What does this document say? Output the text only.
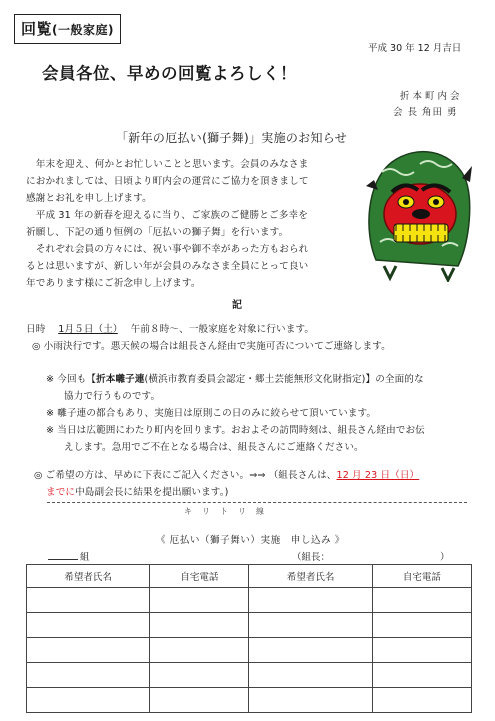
回覧(一般家庭)
平成 30 年 12 月吉日
会員各位、早めの回覧よろしく！
折本町内会
会 長 角田 勇
「新年の厄払い(獅子舞)」実施のお知らせ
　年末を迎え、何かとお忙しいことと思います。会員のみなさま
におかれましては、日頃より町内会の運営にご協力を頂きまして
感謝とお礼を申し上げます。
　平成 31 年の新春を迎えるに当り、ご家族のご健勝とご多幸を
祈願し、下記の通り恒例の「厄払いの獅子舞」を行います。
　それぞれ会員の方々には、祝い事や御不幸があった方もおられ
るとは思いますが、新しい年が会員のみなさま全員にとって良い
年であります様にご祈念申し上げます。
記
日時　 1月５日（土）　 午前８時～、一般家庭を対象に行います。
◎ 小雨決行です。悪天候の場合は組長さん経由で実施可否についてご連絡します。
※ 今回も【折本囃子連(横浜市教育委員会認定・郷土芸能無形文化財指定)】の全面的な
協力で行うものです。
※ 囃子連の都合もあり、実施日は原則この日のみに絞らせて頂いています。
※ 当日は広範囲にわたり町内を回ります。おおよその訪問時刻は、組長さん経由でお伝
えします。急用でご不在となる場合は、組長さんにご連絡ください。
◎ ご希望の方は、早めに下表にご記入ください。⇒⇒ （組長さんは、12 月 23 日（日）
までに中島副会長に結果を提出願います。)
キリトリ線
《 厄払い（獅子舞い）実施　申し込み 》
組	（組長：	）
希望者氏名	自宅電話	希望者氏名	自宅電話
